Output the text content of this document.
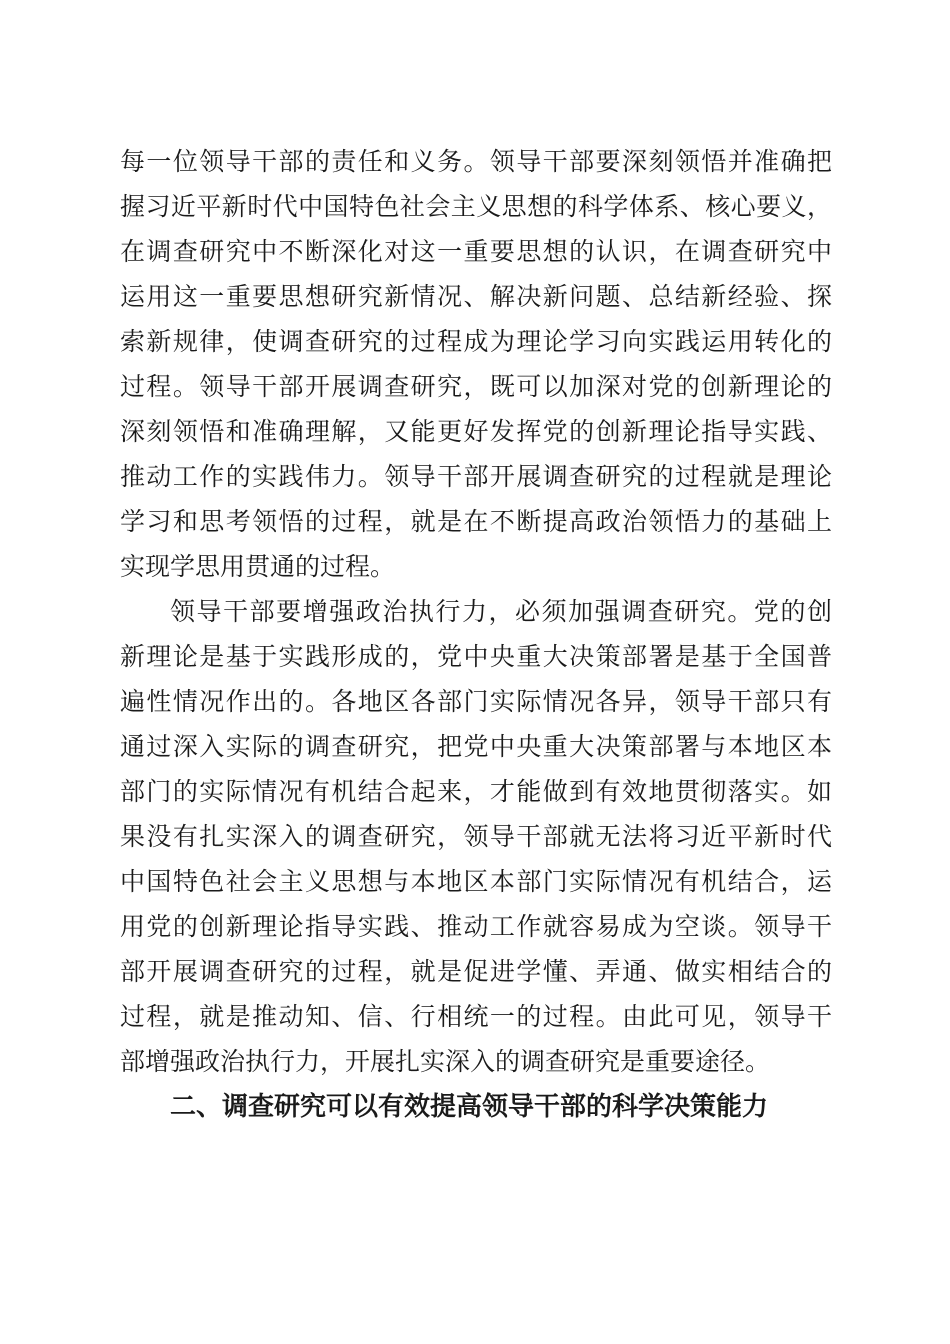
每一位领导干部的责任和义务。领导干部要深刻领悟并准确把
握习近平新时代中国特色社会主义思想的科学体系、核心要义，
在调查研究中不断深化对这一重要思想的认识，在调查研究中
运用这一重要思想研究新情况、解决新问题、总结新经验、探
索新规律，使调查研究的过程成为理论学习向实践运用转化的
过程。领导干部开展调查研究，既可以加深对党的创新理论的
深刻领悟和准确理解，又能更好发挥党的创新理论指导实践、
推动工作的实践伟力。领导干部开展调查研究的过程就是理论
学习和思考领悟的过程，就是在不断提高政治领悟力的基础上
实现学思用贯通的过程。
领导干部要增强政治执行力，必须加强调查研究。党的创
新理论是基于实践形成的，党中央重大决策部署是基于全国普
遍性情况作出的。各地区各部门实际情况各异，领导干部只有
通过深入实际的调查研究，把党中央重大决策部署与本地区本
部门的实际情况有机结合起来，才能做到有效地贯彻落实。如
果没有扎实深入的调查研究，领导干部就无法将习近平新时代
中国特色社会主义思想与本地区本部门实际情况有机结合，运
用党的创新理论指导实践、推动工作就容易成为空谈。领导干
部开展调查研究的过程，就是促进学懂、弄通、做实相结合的
过程，就是推动知、信、行相统一的过程。由此可见，领导干
部增强政治执行力，开展扎实深入的调查研究是重要途径。
二、调查研究可以有效提高领导干部的科学决策能力
